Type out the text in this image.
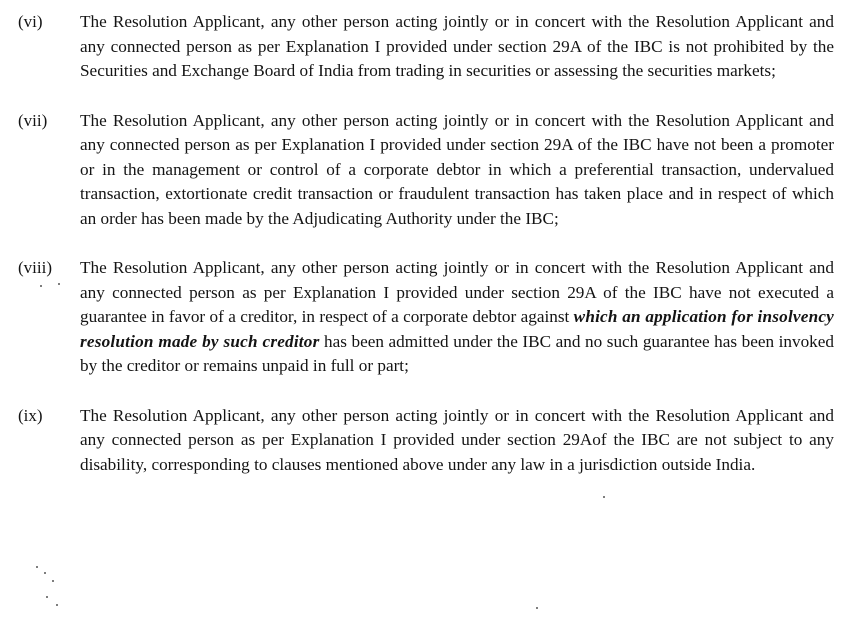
(vi)	The Resolution Applicant, any other person acting jointly or in concert with the Resolution Applicant and any connected person as per Explanation I provided under section 29A of the IBC is not prohibited by the Securities and Exchange Board of India from trading in securities or assessing the securities markets;
(vii)	The Resolution Applicant, any other person acting jointly or in concert with the Resolution Applicant and any connected person as per Explanation I provided under section 29A of the IBC have not been a promoter or in the management or control of a corporate debtor in which a preferential transaction, undervalued transaction, extortionate credit transaction or fraudulent transaction has taken place and in respect of which an order has been made by the Adjudicating Authority under the IBC;
(viii)	The Resolution Applicant, any other person acting jointly or in concert with the Resolution Applicant and any connected person as per Explanation I provided under section 29A of the IBC have not executed a guarantee in favor of a creditor, in respect of a corporate debtor against which an application for insolvency resolution made by such creditor has been admitted under the IBC and no such guarantee has been invoked by the creditor or remains unpaid in full or part;
(ix)	The Resolution Applicant, any other person acting jointly or in concert with the Resolution Applicant and any connected person as per Explanation I provided under section 29Aof the IBC are not subject to any disability, corresponding to clauses mentioned above under any law in a jurisdiction outside India.
